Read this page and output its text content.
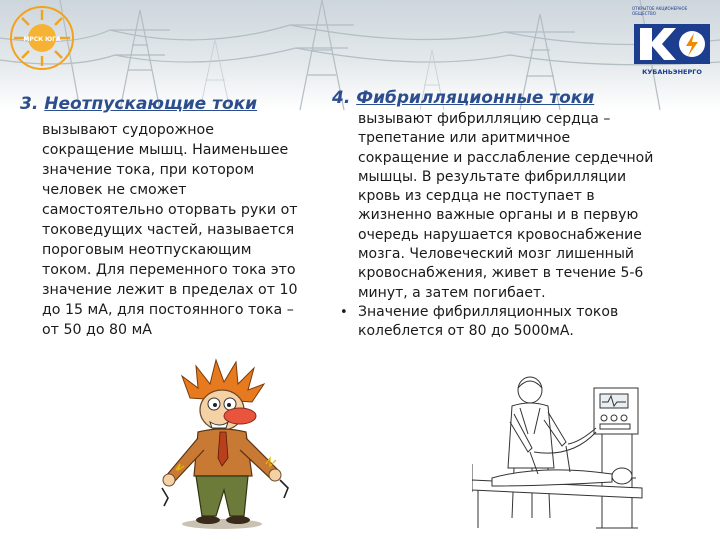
МРСК ЮГА
ОТКРЫТОЕ АКЦИОНЕРНОЕ ОБЩЕСТВО
КУБАНЬЭНЕРГО
3. Неотпускающие токи
вызывают судорожное
сокращение мышц. Наименьшее
значение тока, при котором
человек не сможет
самостоятельно оторвать руки от
токоведущих частей, называется
пороговым неотпускающим
током. Для переменного тока это
значение лежит в пределах от 10
до 15 мА, для постоянного тока –
от 50 до 80 мА
4. Фибрилляционные токи
вызывают фибрилляцию сердца –
трепетание или аритмичное
сокращение и расслабление сердечной
мышцы. В результате фибрилляции
кровь из сердца не поступает в
жизненно важные органы и в первую
очередь нарушается кровоснабжение
мозга. Человеческий мозг лишенный
кровоснабжения, живет в течение 5-6
минут, а затем погибает.
Значение фибрилляционных токов
колеблется от 80 до 5000мА.
•
